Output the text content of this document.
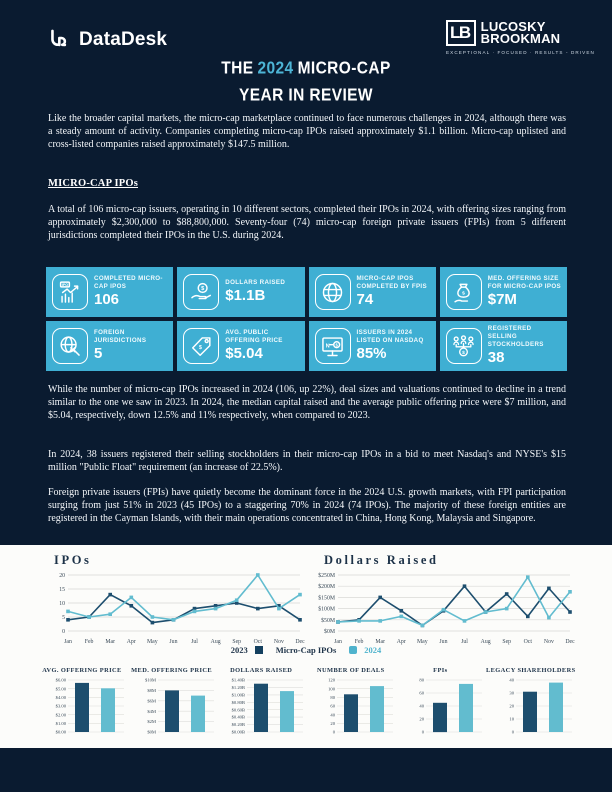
DataDesk	LB LUCOSKY
BROOKMAN
EXCEPTIONAL · FOCUSED · RESULTS - DRIVEN
THE 2024 MICRO-CAP
YEAR IN REVIEW

Like the broader capital markets, the micro-cap marketplace continued to face numerous challenges in 2024, although there was a steady amount of activity. Companies completing micro-cap IPOs raised approximately $1.1 billion. Micro-cap uplisted and cross-listed companies raised approximately $147.5 million.

MICRO-CAP IPOs

A total of 106 micro-cap issuers, operating in 10 different sectors, completed their IPOs in 2024, with offering sizes ranging from approximately $2,300,000 to $88,800,000. Seventy-four (74) micro-cap foreign private issuers (FPIs) from 5 different jurisdictions completed their IPOs in the U.S. during 2024.

IPO
COMPLETED MICRO-CAP IPOS
106
$
DOLLARS RAISED
$1.1B
MICRO-CAP IPOS COMPLETED BY FPIS
74	$
MED. OFFERING SIZE FOR MICRO-CAP IPOS
$7M
FOREIGN JURISDICTIONS
5	$
AVG. PUBLIC OFFERING PRICE
$5.04	N $
ISSUERS IN 2024 LISTED ON NASDAQ
85%	$
REGISTERED SELLING STOCKHOLDERS
38

While the number of micro-cap IPOs increased in 2024 (106, up 22%), deal sizes and valuations continued to decline in a trend similar to the one we saw in 2023. In 2024, the median capital raised and the average public offering price were $7 million, and $5.04, respectively, down 12.5% and 11% respectively, when compared to 2023.

In 2024, 38 issuers registered their selling stockholders in their micro-cap IPOs in a bid to meet Nasdaq's and NYSE's $15 million "Public Float" requirement (an increase of 22.5%).

Foreign private issuers (FPIs) have quietly become the dominant force in the 2024 U.S. growth markets, with FPI participation surging from just 51% in 2023 (45 IPOs) to a staggering 70% in 2024 (74 IPOs). The majority of these foreign entities are registered in the Cayman Islands, with their main operations concentrated in China, Hong Kong, Malaysia and Singapore.

IPOs
0
5
10
15
20
Jan Feb Mar Apr May Jun Jul Aug Sep Oct Nov Dec
Dollars Raised
$0M
$50M
$100M
$150M
$200M
$250M
Jan Feb Mar Apr May Jun Jul Aug Sep Oct Nov Dec
2023	Micro-Cap IPOs	2024
AVG. OFFERING PRICE
$6.00
$5.00
$4.00
$3.00
$2.00
$1.00
$0.00
MED. OFFERING PRICE
$10M
$8M
$6M
$4M
$2M
$0M
DOLLARS RAISED
$1.40B
$1.20B
$1.00B
$0.80B
$0.60B
$0.40B
$0.20B
$0.00B
NUMBER OF DEALS
120
100
80
60
40
20
0
FPIs
80
60
40
20
0
LEGACY SHAREHOLDERS
40
30
20
10
0
